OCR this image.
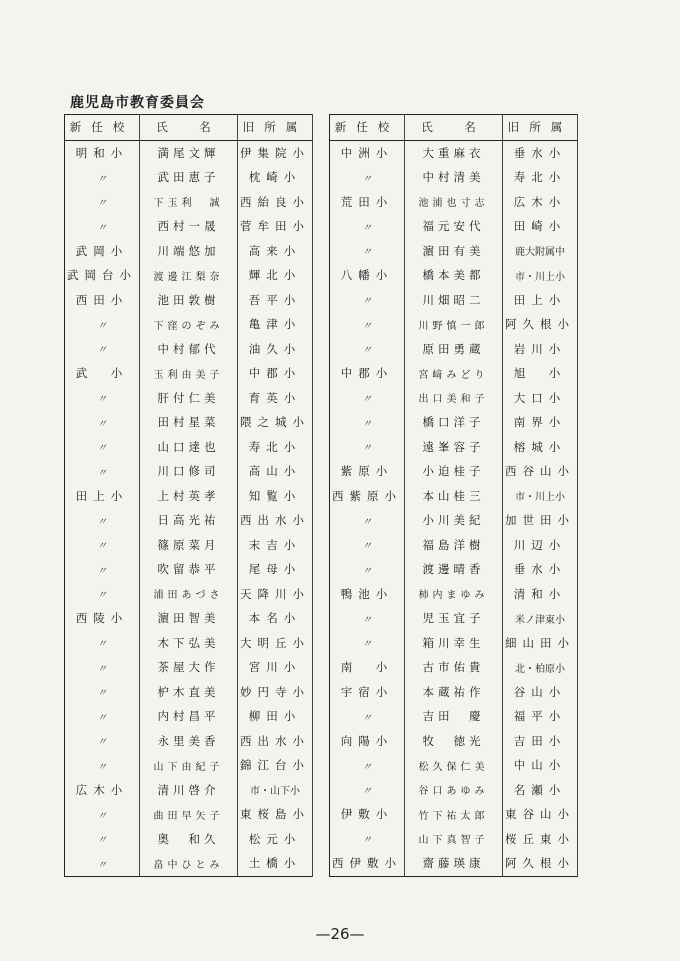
鹿児島市教育委員会
新任校	氏　名	旧所属
明和小	満尾文輝	伊集院小
〃	武田恵子	枕崎小
〃	下玉利　誠	西紿良小
〃	西村一晟	菅牟田小
武岡小	川端悠加	高来小
武岡台小	渡邊江梨奈	輝北小
西田小	池田敦樹	吾平小
〃	下窪のぞみ	亀津小
〃	中村郁代	油久小
武　小	玉利由美子	中郡小
〃	肝付仁美	育英小
〃	田村星菜	隈之城小
〃	山口達也	寿北小
〃	川口修司	高山小
田上小	上村英孝	知覧小
〃	日高光祐	西出水小
〃	篠原菜月	末吉小
〃	吹留恭平	尾母小
〃	浦田あづさ	天降川小
西陵小	濵田智美	本名小
〃	木下弘美	大明丘小
〃	茶屋大作	宮川小
〃	枦木直美	妙円寺小
〃	内村昌平	柳田小
〃	永里美香	西出水小
〃	山下由紀子	錦江台小
広木小	清川啓介	市・山下小
〃	曲田早矢子	東桜島小
〃	奥　和久	松元小
〃	畠中ひとみ	土橋小
新任校	氏　名	旧所属
中洲小	大重麻衣	垂水小
〃	中村清美	寿北小
荒田小	池浦也寸志	広木小
〃	福元安代	田崎小
〃	濵田有美	鹿大附属中
八幡小	橋本美都	市・川上小
〃	川畑昭二	田上小
〃	川野慎一郎	阿久根小
〃	原田勇蔵	岩川小
中郡小	宮﨑みどり	旭　小
〃	出口美和子	大口小
〃	橋口洋子	南界小
〃	遠峯容子	榕城小
紫原小	小迫桂子	西谷山小
西紫原小	本山桂三	市・川上小
〃	小川美紀	加世田小
〃	福島洋樹	川辺小
〃	渡邊晴香	垂水小
鴨池小	柿内まゆみ	清和小
〃	児玉宜子	米ノ津東小
〃	箱川幸生	細山田小
南　小	古市佑貴	北・柏原小
宇宿小	本蔵祐作	谷山小
〃	吉田　慶	福平小
向陽小	牧　徳光	吉田小
〃	松久保仁美	中山小
〃	谷口あゆみ	名瀬小
伊敷小	竹下祐太郎	東谷山小
〃	山下真智子	桜丘東小
西伊敷小	齋藤瑛康	阿久根小
—26—
